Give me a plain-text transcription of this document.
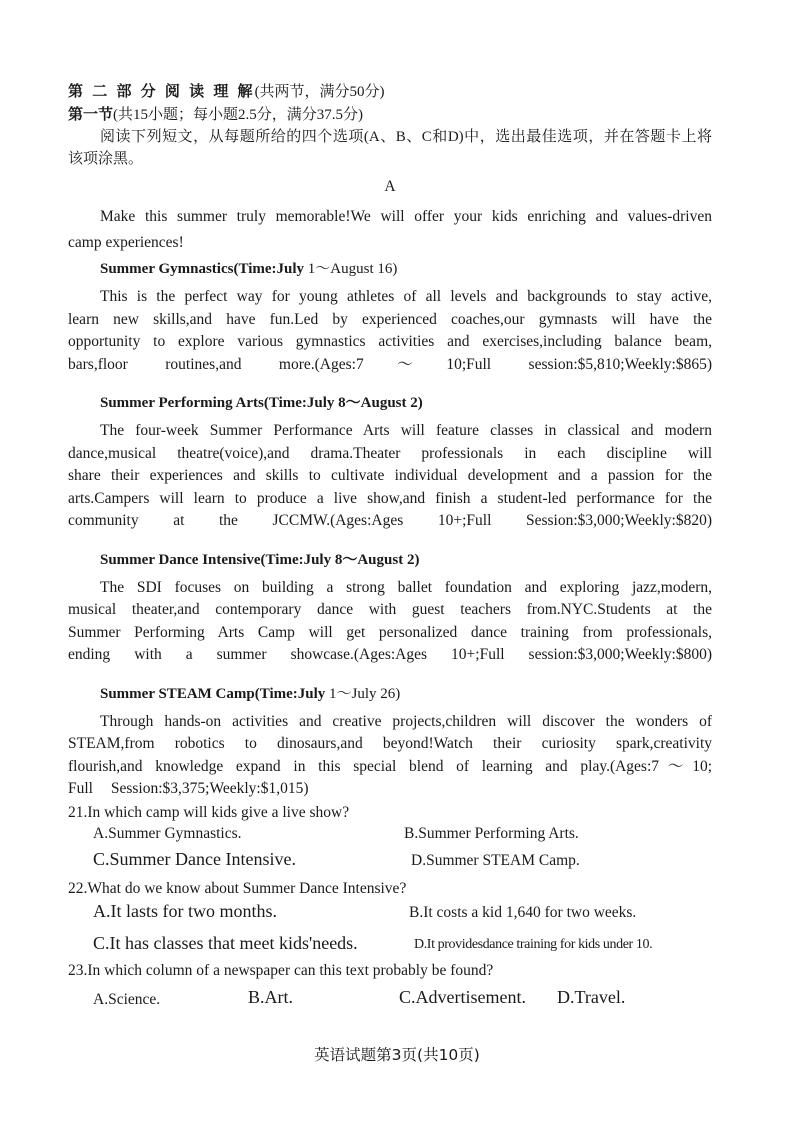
第 二 部 分 阅 读 理 解(共两节，满分50分)
第一节(共15小题；每小题2.5分，满分37.5分)
阅读下列短文，从每题所给的四个选项(A、B、C和D)中，选出最佳选项，并在答题卡上将
该项涂黑。
A
Make this summer truly memorable!We will offer your kids enriching and values-driven
camp experiences!
Summer Gymnastics(Time:July 1～August 16)
This is the perfect way for young athletes of all levels and backgrounds to stay active,
learn new skills,and have fun.Led by experienced coaches,our gymnasts will have the
opportunity to explore various gymnastics activities and exercises,including balance beam,
bars,floor routines,and more.(Ages:7～10;Full session:$5,810;Weekly:$865)
Summer Performing Arts(Time:July 8～August 2)
The four-week Summer Performance Arts will feature classes in classical and modern
dance,musical theatre(voice),and drama.Theater professionals in each discipline will
share their experiences and skills to cultivate individual development and a passion for the
arts.Campers will learn to produce a live show,and finish a student-led performance for the
community at the JCCMW.(Ages:Ages 10+;Full Session:$3,000;Weekly:$820)
Summer Dance Intensive(Time:July 8～August 2)
The SDI focuses on building a strong ballet foundation and exploring jazz,modern,
musical theater,and contemporary dance with guest teachers from.NYC.Students at the
Summer Performing Arts Camp will get personalized dance training from professionals,
ending with a summer showcase.(Ages:Ages 10+;Full session:$3,000;Weekly:$800)
Summer STEAM Camp(Time:July 1～July 26)
Through hands-on activities and creative projects,children will discover the wonders of
STEAM,from robotics to dinosaurs,and beyond!Watch their curiosity spark,creativity
flourish,and knowledge expand in this special blend of learning and play.(Ages:7～10;
Full Session:$3,375;Weekly:$1,015)
21.In which camp will kids give a live show?
A.Summer Gymnastics.	B.Summer Performing Arts.
C.Summer Dance Intensive.	D.Summer STEAM Camp.
22.What do we know about Summer Dance Intensive?
A.It lasts for two months.	B.It costs a kid 1,640 for two weeks.
C.It has classes that meet kids'needs.	D.It providesdance training for kids under 10.
23.In which column of a newspaper can this text probably be found?
A.Science.	B.Art.	C.Advertisement. D.Travel.
英语试题第3页(共10页)
